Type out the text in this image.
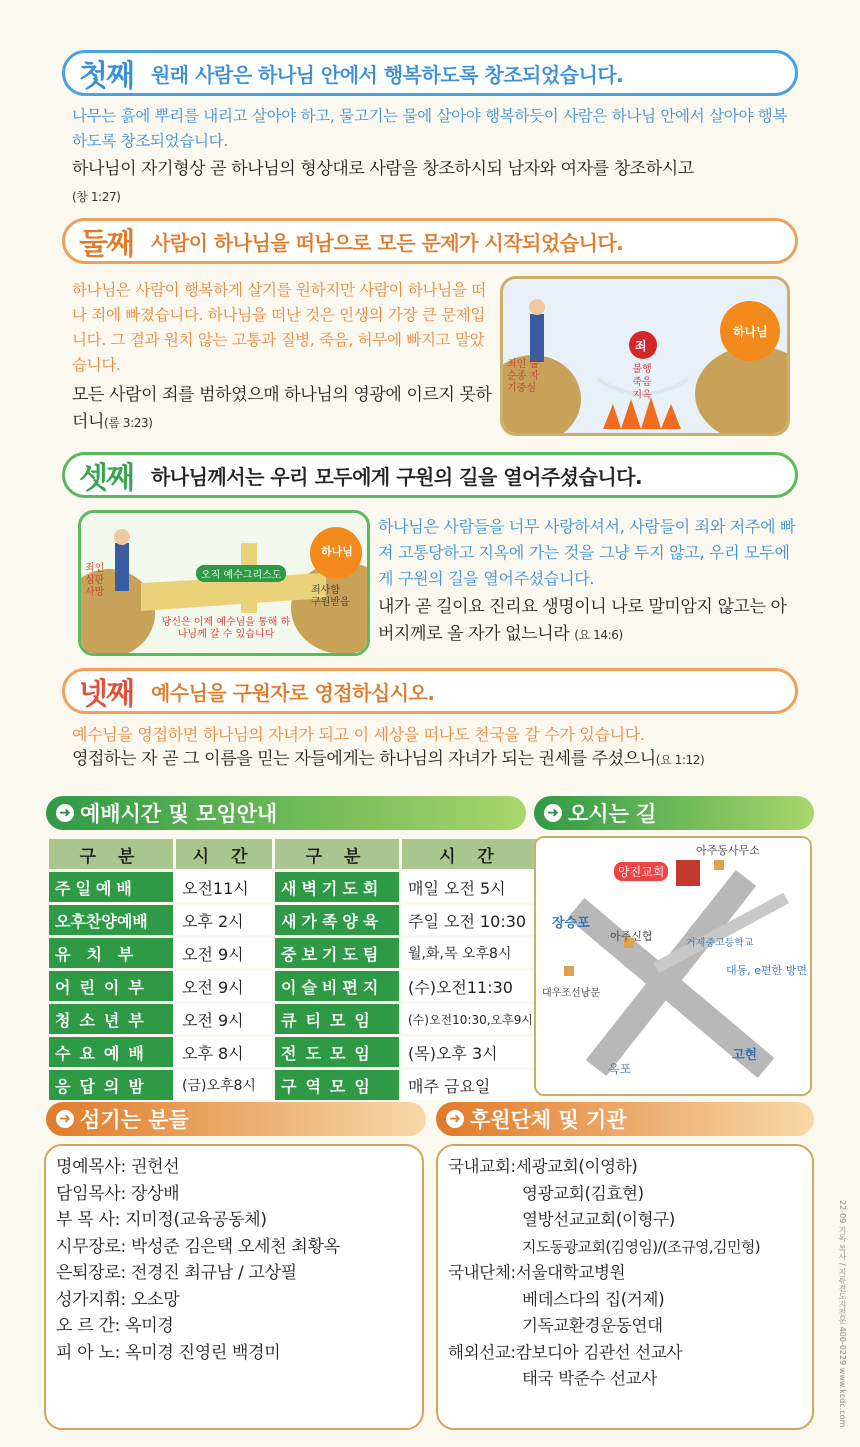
첫째 원래 사람은 하나님 안에서 행복하도록 창조되었습니다.
나무는 흙에 뿌리를 내리고 살아야 하고, 물고기는 물에 살아야 행복하듯이 사람은 하나님 안에서 살아야 행복하도록 창조되었습니다.
하나님이 자기형상 곧 하나님의 형상대로 사람을 창조하시되 남자와 여자를 창조하시고
(창 1:27)
둘째 사람이 하나님을 떠남으로 모든 문제가 시작되었습니다.
하나님은 사람이 행복하게 살기를 원하지만 사람이 하나님을 떠나 죄에 빠졌습니다. 하나님을 떠난 것은 인생의 가장 큰 문제입니다. 그 결과 원치 않는 고통과 질병, 죽음, 허무에 빠지고 말았습니다.
모든 사람이 죄를 범하였으매 하나님의 영광에 이르지 못하더니(롬 3:23)
죄인 불순종 자기중심
죄
불행 죽음 지옥
하나님
셋째 하나님께서는 우리 모두에게 구원의 길을 열어주셨습니다.
죄인 심판 사망
오직 예수그리스도
하나님
죄사함 구원받음
당신은 이제 예수님을 통해 하나님께 갈 수 있습니다
하나님은 사람들을 너무 사랑하셔서, 사람들이 죄와 저주에 빠져 고통당하고 지옥에 가는 것을 그냥 두지 않고, 우리 모두에게 구원의 길을 열어주셨습니다.
내가 곧 길이요 진리요 생명이니 나로 말미암지 않고는 아버지께로 올 자가 없느니라 (요 14:6)
넷째 예수님을 구원자로 영접하십시오.
예수님을 영접하면 하나님의 자녀가 되고 이 세상을 떠나도 천국을 갈 수가 있습니다.
영접하는 자 곧 그 이름을 믿는 자들에게는 하나님의 자녀가 되는 권세를 주셨으니(요 1:12)
➜ 예배시간 및 모임안내
구 분	시 간	구 분	시 간
주일예배	오전11시	새벽기도회	매일 오전 5시
오후찬양예배	오후 2시	새가족양육	주일 오전 10:30
유치부	오전 9시	중보기도팀	월,화,목 오후8시
어린이부	오전 9시	이슬비편지	(수)오전11:30
청소년부	오전 9시	큐티모임	(수)오전10:30,오후9시
수요예배	오후 8시	전도모임	(목)오후 3시
응답의밤	(금)오후8시	구역모임	매주 금요일
➜ 오시는 길
양진교회
아주동사무소
장승포
아주신협
거제중고등학교
대동, e편한 방면
대우조선남문
옥포
고현
➜ 섬기는 분들
명예목사: 권헌선
담임목사: 장상배
부 목 사: 지미정(교육공동체)
시무장로: 박성준 김은택 오세천 최황옥
은퇴장로: 전경진 최규남 / 고상필
성가지휘: 오소망
오 르 간: 옥미경
피 아 노: 옥미경 진영린 백경미
➜ 후원단체 및 기관
국내교회:세광교회(이영하)
영광교회(김효현)
열방선교교회(이형구)
지도동광교회(김영임)/(조규영,김민형)
국내단체:서울대학교병원
베데스다의 집(거제)
기독교환경운동연대
해외선교:캄보디아 김관선 선교사
태국 박준수 선교사	22-09 기독 복사 / 지류전도지전문 400-0229 www.kcdc.com
